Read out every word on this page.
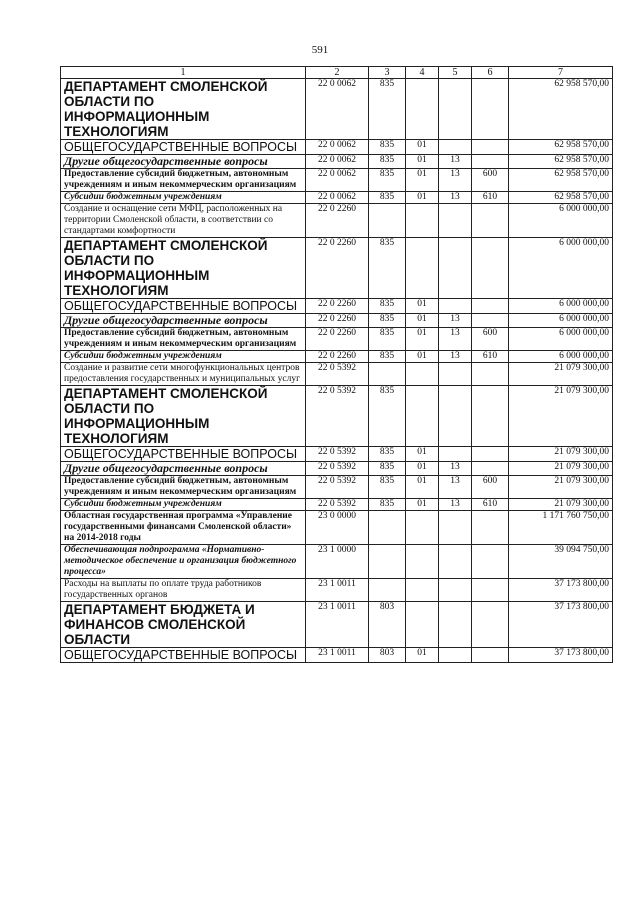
591
1	2	3	4	5	6	7
ДЕПАРТАМЕНТ СМОЛЕНСКОЙ ОБЛАСТИ ПО ИНФОРМАЦИОННЫМ ТЕХНОЛОГИЯМ	22 0 0062	835				62 958 570,00
ОБЩЕГОСУДАРСТВЕННЫЕ ВОПРОСЫ	22 0 0062	835	01			62 958 570,00
Другие общегосударственные вопросы	22 0 0062	835	01	13		62 958 570,00
Предоставление субсидий бюджетным, автономным учреждениям и иным некоммерческим организациям	22 0 0062	835	01	13	600	62 958 570,00
Субсидии бюджетным учреждениям	22 0 0062	835	01	13	610	62 958 570,00
Создание и оснащение сети МФЦ, расположенных на территории Смоленской области, в соответствии со стандартами комфортности	22 0 2260					6 000 000,00
ДЕПАРТАМЕНТ СМОЛЕНСКОЙ ОБЛАСТИ ПО ИНФОРМАЦИОННЫМ ТЕХНОЛОГИЯМ	22 0 2260	835				6 000 000,00
ОБЩЕГОСУДАРСТВЕННЫЕ ВОПРОСЫ	22 0 2260	835	01			6 000 000,00
Другие общегосударственные вопросы	22 0 2260	835	01	13		6 000 000,00
Предоставление субсидий бюджетным, автономным учреждениям и иным некоммерческим организациям	22 0 2260	835	01	13	600	6 000 000,00
Субсидии бюджетным учреждениям	22 0 2260	835	01	13	610	6 000 000,00
Создание и развитие сети многофункциональных центров предоставления государственных и муниципальных услуг	22 0 5392					21 079 300,00
ДЕПАРТАМЕНТ СМОЛЕНСКОЙ ОБЛАСТИ ПО ИНФОРМАЦИОННЫМ ТЕХНОЛОГИЯМ	22 0 5392	835				21 079 300,00
ОБЩЕГОСУДАРСТВЕННЫЕ ВОПРОСЫ	22 0 5392	835	01			21 079 300,00
Другие общегосударственные вопросы	22 0 5392	835	01	13		21 079 300,00
Предоставление субсидий бюджетным, автономным учреждениям и иным некоммерческим организациям	22 0 5392	835	01	13	600	21 079 300,00
Субсидии бюджетным учреждениям	22 0 5392	835	01	13	610	21 079 300,00
Областная государственная программа «Управление государственными финансами Смоленской области» на 2014-2018 годы	23 0 0000					1 171 760 750,00
Обеспечивающая подпрограмма «Нормативно-методическое обеспечение и организация бюджетного процесса»	23 1 0000					39 094 750,00
Расходы на выплаты по оплате труда работников государственных органов	23 1 0011					37 173 800,00
ДЕПАРТАМЕНТ БЮДЖЕТА И ФИНАНСОВ СМОЛЕНСКОЙ ОБЛАСТИ	23 1 0011	803				37 173 800,00
ОБЩЕГОСУДАРСТВЕННЫЕ ВОПРОСЫ	23 1 0011	803	01			37 173 800,00
